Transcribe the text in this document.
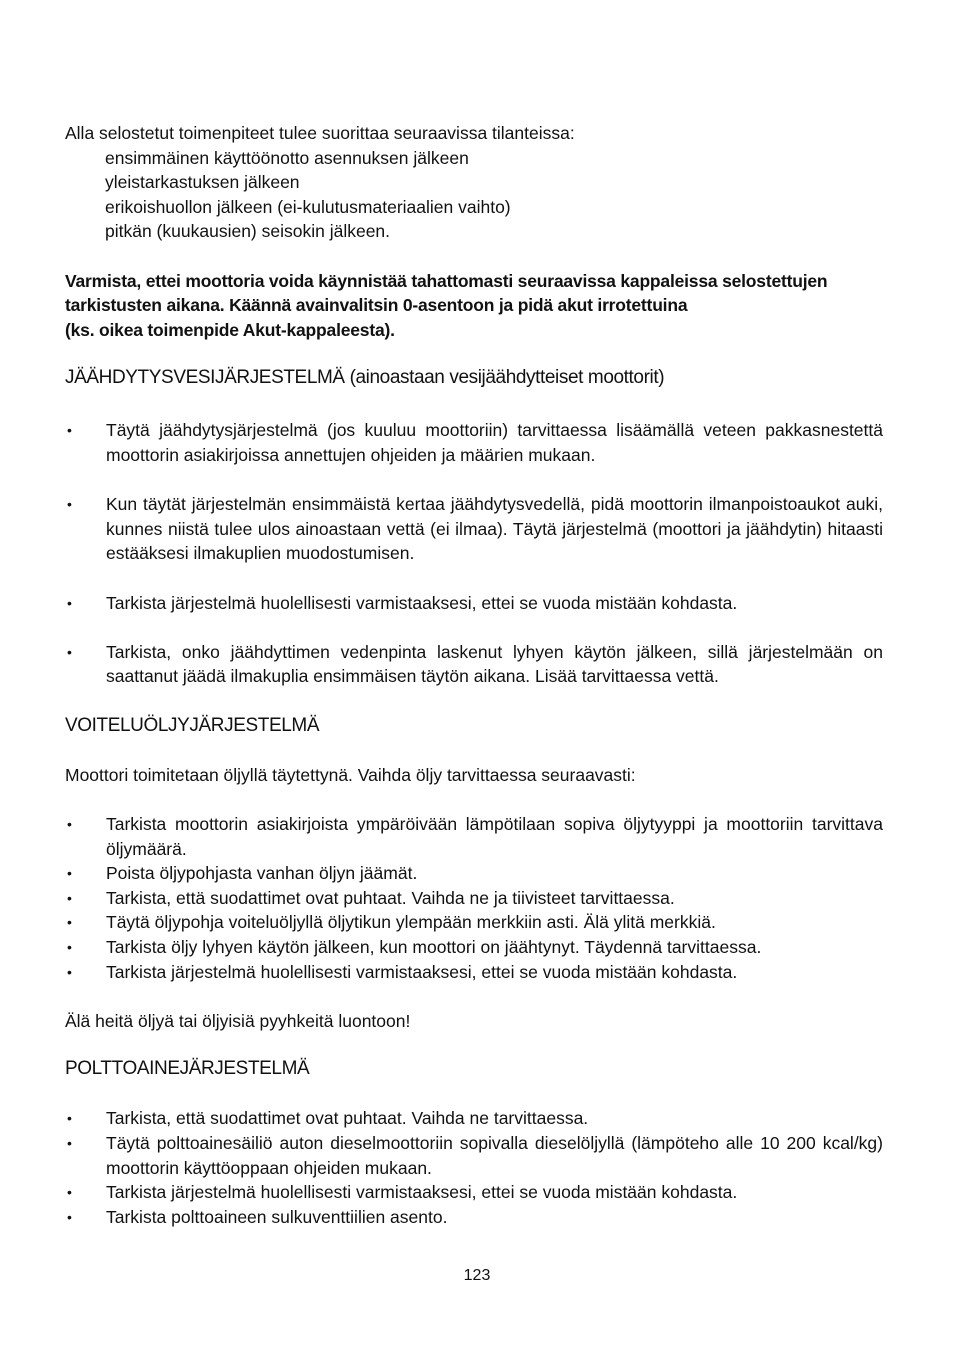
Alla selostetut toimenpiteet tulee suorittaa seuraavissa tilanteissa:

ensimmäinen käyttöönotto asennuksen jälkeen
yleistarkastuksen jälkeen
erikoishuollon jälkeen (ei-kulutusmateriaalien vaihto)
pitkän (kuukausien) seisokin jälkeen.
Varmista, ettei moottoria voida käynnistää tahattomasti seuraavissa kappaleissa selostettujen
tarkistusten aikana. Käännä avainvalitsin 0-asentoon ja pidä akut irrotettuina
(ks. oikea toimenpide Akut-kappaleesta).
JÄÄHDYTYSVESIJÄRJESTELMÄ (ainoastaan vesijäähdytteiset moottorit)
• Täytä jäähdytysjärjestelmä (jos kuuluu moottoriin) tarvittaessa lisäämällä veteen pakkasnestettä moottorin asiakirjoissa annettujen ohjeiden ja määrien mukaan.
• Kun täytät järjestelmän ensimmäistä kertaa jäähdytysvedellä, pidä moottorin ilmanpoistoaukot auki, kunnes niistä tulee ulos ainoastaan vettä (ei ilmaa). Täytä järjestelmä (moottori ja jäähdytin) hitaasti estääksesi ilmakuplien muodostumisen.
• Tarkista järjestelmä huolellisesti varmistaaksesi, ettei se vuoda mistään kohdasta.
• Tarkista, onko jäähdyttimen vedenpinta laskenut lyhyen käytön jälkeen, sillä järjestelmään on saattanut jäädä ilmakuplia ensimmäisen täytön aikana. Lisää tarvittaessa vettä.
VOITELUÖLJYJÄRJESTELMÄ

Moottori toimitetaan öljyllä täytettynä. Vaihda öljy tarvittaessa seuraavasti:

• Tarkista moottorin asiakirjoista ympäröivään lämpötilaan sopiva öljytyyppi ja moottoriin tarvittava öljymäärä.
• Poista öljypohjasta vanhan öljyn jäämät.
• Tarkista, että suodattimet ovat puhtaat. Vaihda ne ja tiivisteet tarvittaessa.
• Täytä öljypohja voiteluöljyllä öljytikun ylempään merkkiin asti. Älä ylitä merkkiä.
• Tarkista öljy lyhyen käytön jälkeen, kun moottori on jäähtynyt. Täydennä tarvittaessa.
• Tarkista järjestelmä huolellisesti varmistaaksesi, ettei se vuoda mistään kohdasta.

Älä heitä öljyä tai öljyisiä pyyhkeitä luontoon!

POLTTOAINEJÄRJESTELMÄ
• Tarkista, että suodattimet ovat puhtaat. Vaihda ne tarvittaessa.
• Täytä polttoainesäiliö auton dieselmoottoriin sopivalla dieselöljyllä (lämpöteho alle 10 200 kcal/kg) moottorin käyttöoppaan ohjeiden mukaan.
• Tarkista järjestelmä huolellisesti varmistaaksesi, ettei se vuoda mistään kohdasta.
• Tarkista polttoaineen sulkuventtiilien asento.
123
